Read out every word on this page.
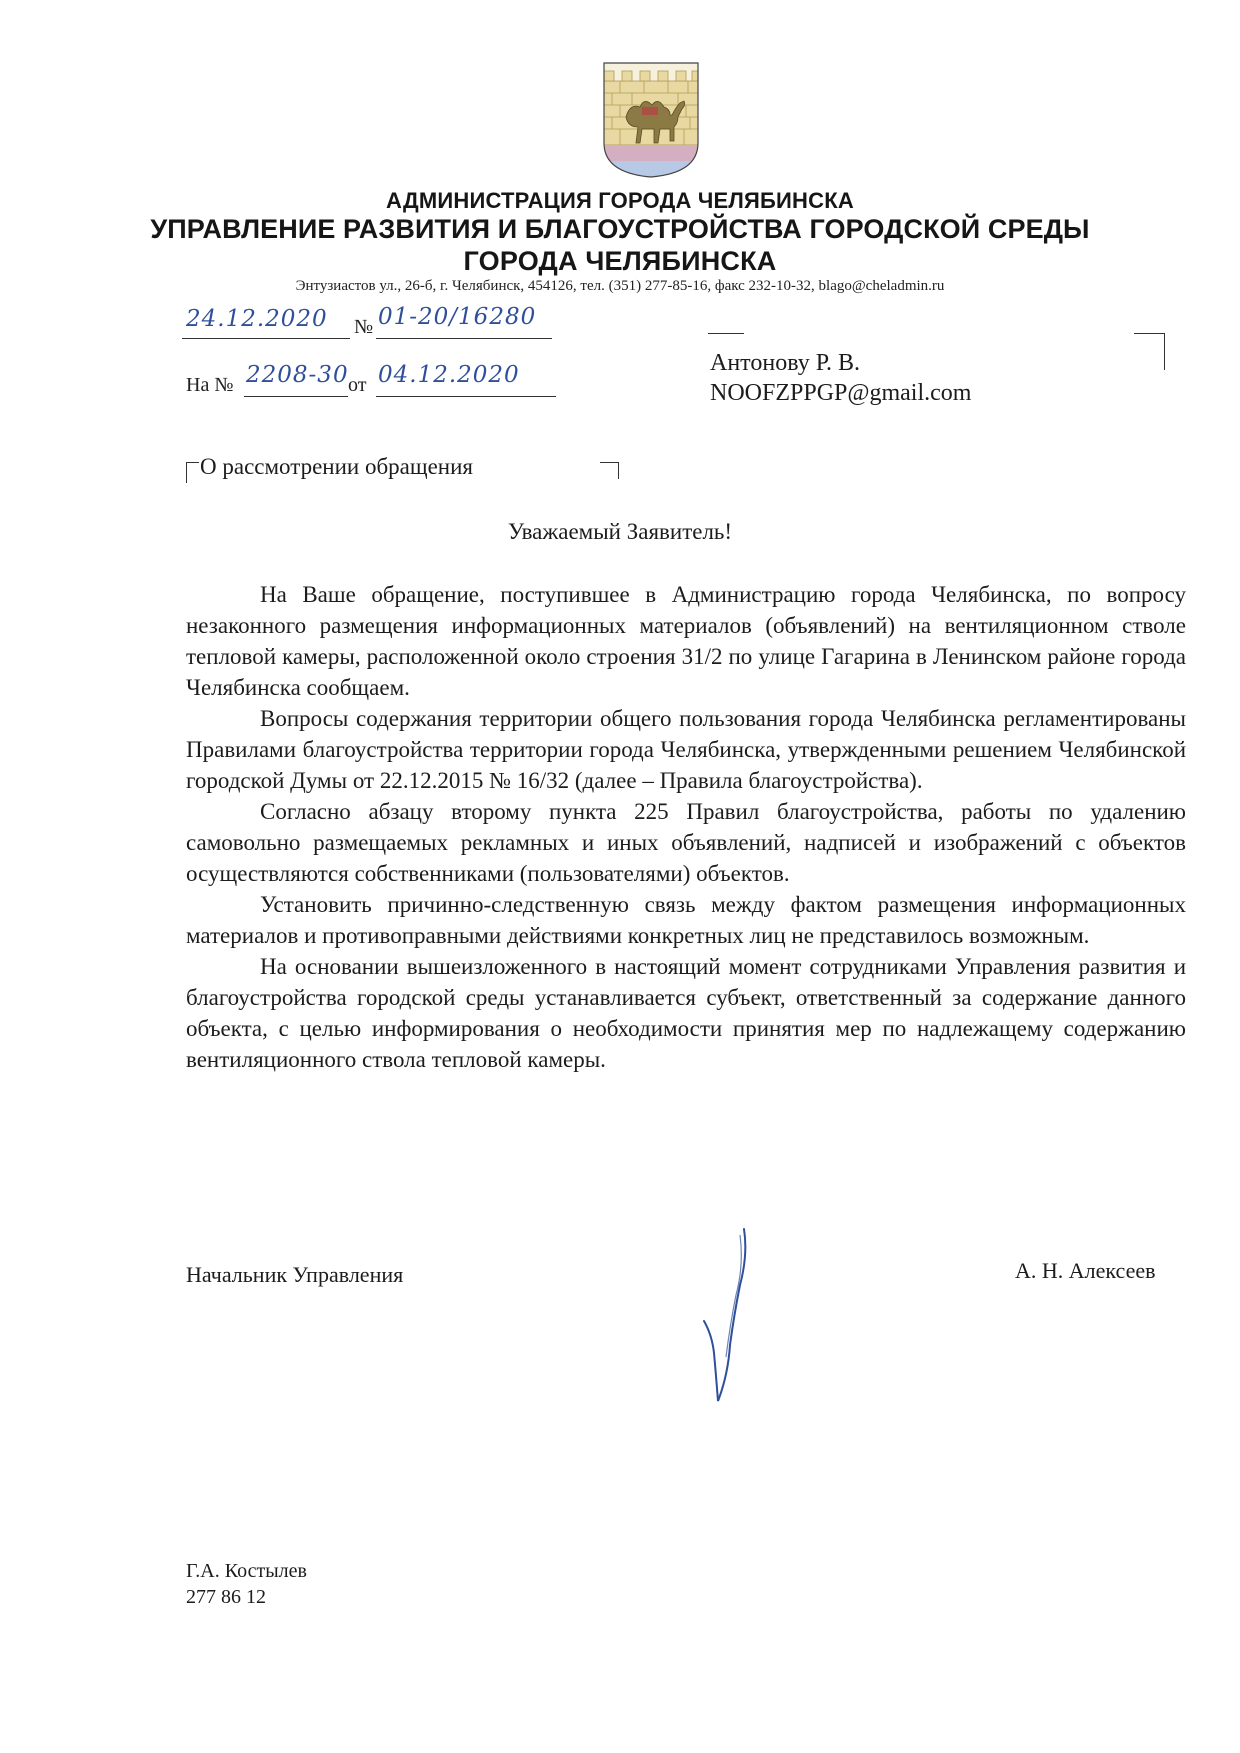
АДМИНИСТРАЦИЯ ГОРОДА ЧЕЛЯБИНСКА
УПРАВЛЕНИЕ РАЗВИТИЯ И БЛАГОУСТРОЙСТВА ГОРОДСКОЙ СРЕДЫ
ГОРОДА ЧЕЛЯБИНСКА
Энтузиастов ул., 26-б, г. Челябинск, 454126, тел. (351) 277-85-16, факс 232-10-32, blago@cheladmin.ru
24.12.2020 № 01-20/16280
На № 2208-30 от 04.12.2020	Антонову Р. В.
NOOFZPPGP@gmail.com
О рассмотрении обращения
Уважаемый Заявитель!

На Ваше обращение, поступившее в Администрацию города Челябинска, по вопросу незаконного размещения информационных материалов (объявлений) на вентиляционном стволе тепловой камеры, расположенной около строения 31/2 по улице Гагарина в Ленинском районе города Челябинска сообщаем.

Вопросы содержания территории общего пользования города Челябинска регламентированы Правилами благоустройства территории города Челябинска, утвержденными решением Челябинской городской Думы от 22.12.2015 № 16/32 (далее – Правила благоустройства).

Согласно абзацу второму пункта 225 Правил благоустройства, работы по удалению самовольно размещаемых рекламных и иных объявлений, надписей и изображений с объектов осуществляются собственниками (пользователями) объектов.

Установить причинно-следственную связь между фактом размещения информационных материалов и противоправными действиями конкретных лиц не представилось возможным.

На основании вышеизложенного в настоящий момент сотрудниками Управления развития и благоустройства городской среды устанавливается субъект, ответственный за содержание данного объекта, с целью информирования о необходимости принятия мер по надлежащему содержанию вентиляционного ствола тепловой камеры.

Начальник Управления	А. Н. Алексеев
Г.А. Костылев
277 86 12
